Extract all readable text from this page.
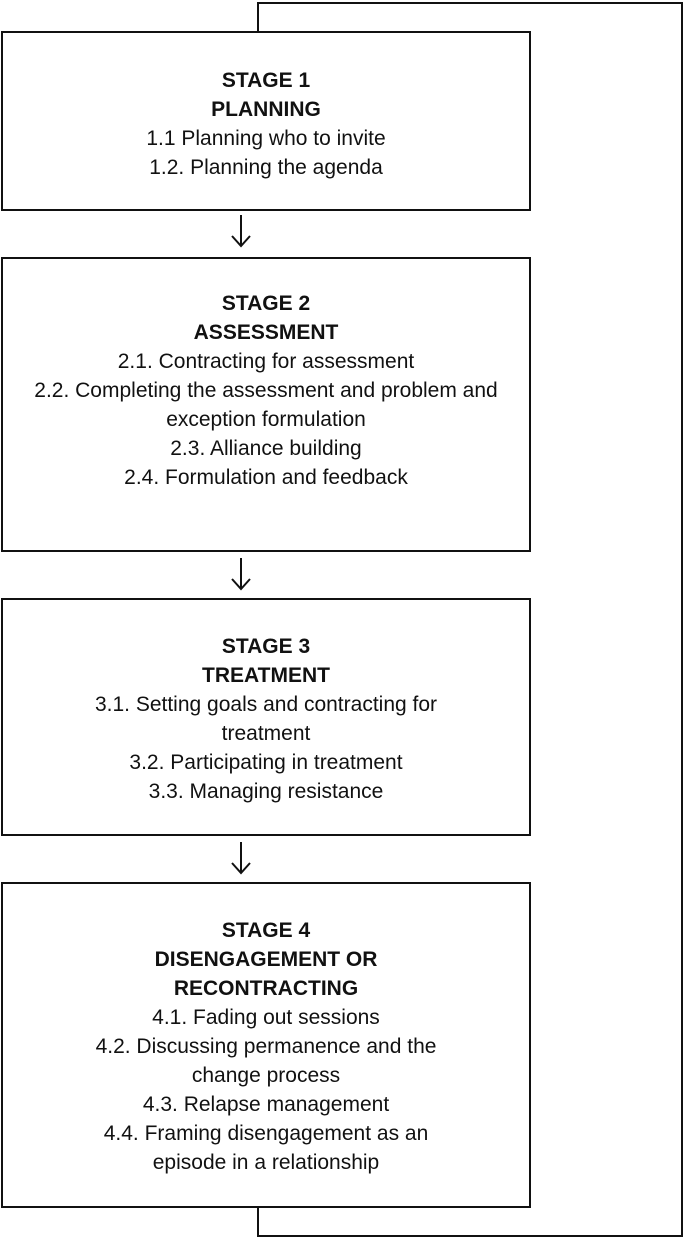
STAGE 1
PLANNING
1.1 Planning who to invite
1.2. Planning the agenda
STAGE 2
ASSESSMENT
2.1. Contracting for assessment
2.2. Completing the assessment and problem and exception formulation
2.3. Alliance building
2.4. Formulation and feedback
STAGE 3
TREATMENT
3.1. Setting goals and contracting for treatment
3.2. Participating in treatment
3.3. Managing resistance
STAGE 4
DISENGAGEMENT OR
RECONTRACTING
4.1. Fading out sessions
4.2. Discussing permanence and the change process
4.3. Relapse management
4.4. Framing disengagement as an episode in a relationship
